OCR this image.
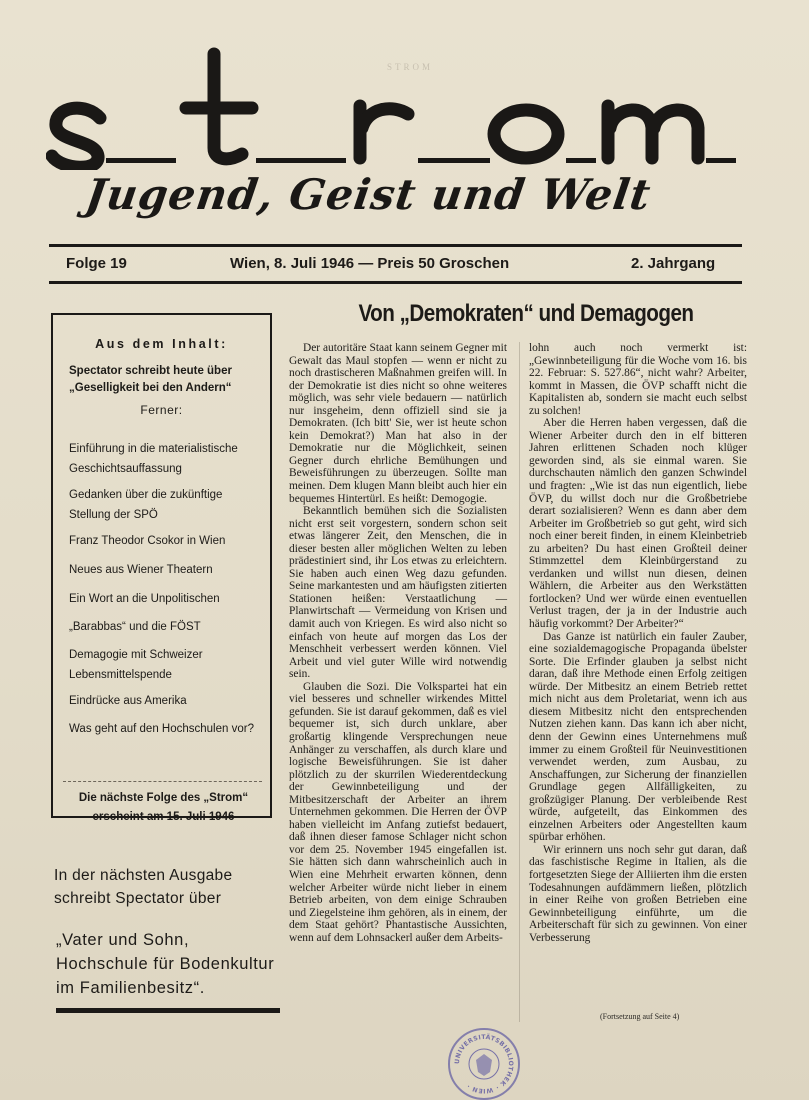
STROM
Jugend, Geist und Welt
Folge 19	Wien, 8. Juli 1946 — Preis 50 Groschen	2. Jahrgang
Aus dem Inhalt:
Spectator schreibt heute über „Geselligkeit bei den Andern“
Ferner:
Einführung in die materialistische Geschichtsauffassung
Gedanken über die zukünftige Stellung der SPÖ
Franz Theodor Csokor in Wien
Neues aus Wiener Theatern
Ein Wort an die Unpolitischen
„Barabbas“ und die FÖST
Demagogie mit Schweizer Lebensmittelspende
Eindrücke aus Amerika
Was geht auf den Hochschulen vor?
Die nächste Folge des „Strom“ erscheint am 15. Juli 1946
In der nächsten Ausgabe schreibt Spectator über
„Vater und Sohn, Hochschule für Bodenkultur im Familienbesitz“.
Von „Demokraten“ und Demagogen

Der autoritäre Staat kann seinem Gegner mit Gewalt das Maul stopfen — wenn er nicht zu noch drastischeren Maßnahmen greifen will. In der Demokratie ist dies nicht so ohne weiteres möglich, was sehr viele bedauern — natürlich nur insgeheim, denn offiziell sind sie ja Demokraten. (Ich bitt' Sie, wer ist heute schon kein Demokrat?) Man hat also in der Demokratie nur die Möglichkeit, seinen Gegner durch ehrliche Bemühungen und Beweisführungen zu überzeugen. Sollte man meinen. Dem klugen Mann bleibt auch hier ein bequemes Hintertürl. Es heißt: Demogogie.

Bekanntlich bemühen sich die Sozialisten nicht erst seit vorgestern, sondern schon seit etwas längerer Zeit, den Menschen, die in dieser besten aller möglichen Welten zu leben prädestiniert sind, ihr Los etwas zu erleichtern. Sie haben auch einen Weg dazu gefunden. Seine markantesten und am häufigsten zitierten Stationen heißen: Verstaatlichung — Planwirtschaft — Vermeidung von Krisen und damit auch von Kriegen. Es wird also nicht so einfach von heute auf morgen das Los der Menschheit verbessert werden können. Viel Arbeit und viel guter Wille wird notwendig sein.

Glauben die Sozi. Die Volkspartei hat ein viel besseres und schneller wirkendes Mittel gefunden. Sie ist darauf gekommen, daß es viel bequemer ist, sich durch unklare, aber großartig klingende Versprechungen neue Anhänger zu verschaffen, als durch klare und logische Beweisführungen. Sie ist daher plötzlich zu der skurrilen Wiederentdeckung der Gewinnbeteiligung und der Mitbesitzerschaft der Arbeiter an ihrem Unternehmen gekommen. Die Herren der ÖVP haben vielleicht im Anfang zutiefst bedauert, daß ihnen dieser famose Schlager nicht schon vor dem 25. November 1945 eingefallen ist. Sie hätten sich dann wahrscheinlich auch in Wien eine Mehrheit erwarten können, denn welcher Arbeiter würde nicht lieber in einem Betrieb arbeiten, von dem einige Schrauben und Ziegelsteine ihm gehören, als in einem, der dem Staat gehört? Phantastische Aussichten, wenn auf dem Lohnsackerl außer dem Arbeits-

lohn auch noch vermerkt ist: „Gewinnbeteiligung für die Woche vom 16. bis 22. Februar: S. 527.86“, nicht wahr? Arbeiter, kommt in Massen, die ÖVP schafft nicht die Kapitalisten ab, sondern sie macht euch selbst zu solchen!

Aber die Herren haben vergessen, daß die Wiener Arbeiter durch den in elf bitteren Jahren erlittenen Schaden noch klüger geworden sind, als sie einmal waren. Sie durchschauten nämlich den ganzen Schwindel und fragten: „Wie ist das nun eigentlich, liebe ÖVP, du willst doch nur die Großbetriebe derart sozialisieren? Wenn es dann aber dem Arbeiter im Großbetrieb so gut geht, wird sich noch einer bereit finden, in einem Kleinbetrieb zu arbeiten? Du hast einen Großteil deiner Stimmzettel dem Kleinbürgerstand zu verdanken und willst nun diesen, deinen Wählern, die Arbeiter aus den Werkstätten fortlocken? Und wer würde einen eventuellen Verlust tragen, der ja in der Industrie auch häufig vorkommt? Der Arbeiter?“

Das Ganze ist natürlich ein fauler Zauber, eine sozialdemagogische Propaganda übelster Sorte. Die Erfinder glauben ja selbst nicht daran, daß ihre Methode einen Erfolg zeitigen würde. Der Mitbesitz an einem Betrieb rettet mich nicht aus dem Proletariat, wenn ich aus diesem Mitbesitz nicht den entsprechenden Nutzen ziehen kann. Das kann ich aber nicht, denn der Gewinn eines Unternehmens muß immer zu einem Großteil für Neuinvestitionen verwendet werden, zum Ausbau, zu Anschaffungen, zur Sicherung der finanziellen Grundlage gegen Allfälligkeiten, zu großzügiger Planung. Der verbleibende Rest würde, aufgeteilt, das Einkommen des einzelnen Arbeiters oder Angestellten kaum spürbar erhöhen.

Wir erinnern uns noch sehr gut daran, daß das faschistische Regime in Italien, als die fortgesetzten Siege der Alliierten ihm die ersten Todesahnungen aufdämmern ließen, plötzlich in einer Reihe von großen Betrieben eine Gewinnbeteiligung einführte, um die Arbeiterschaft für sich zu gewinnen. Von einer Verbesserung

(Fortsetzung auf Seite 4)
UNIVERSITÄTSBIBLIOTHEK · WIEN ·
